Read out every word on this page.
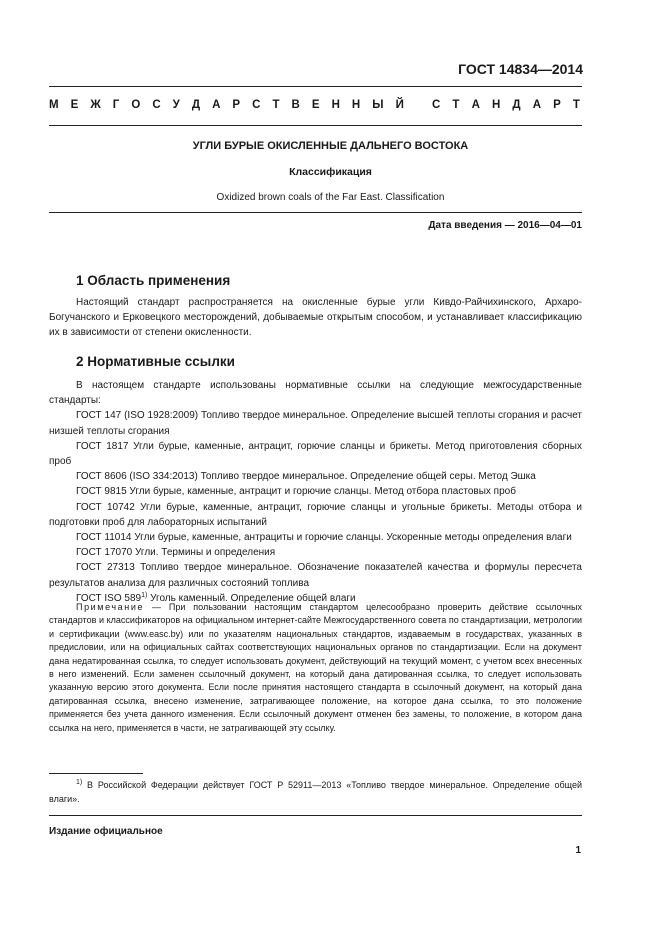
ГОСТ 14834—2014
М Е Ж Г О С У Д А Р С Т В Е Н Н Ы Й С Т А Н Д А Р Т
УГЛИ БУРЫЕ ОКИСЛЕННЫЕ ДАЛЬНЕГО ВОСТОКА
Классификация
Oxidized brown coals of the Far East. Classification
Дата введения — 2016—04—01
1 Область применения

Настоящий стандарт распространяется на окисленные бурые угли Кивдо-Райчихинского, Архаро-Богучанского и Ерковецкого месторождений, добываемые открытым способом, и устанавливает классификацию их в зависимости от степени окисленности.

2 Нормативные ссылки

В настоящем стандарте использованы нормативные ссылки на следующие межгосударственные стандарты:

ГОСТ 147 (ISO 1928:2009) Топливо твердое минеральное. Определение высшей теплоты сгорания и расчет низшей теплоты сгорания

ГОСТ 1817 Угли бурые, каменные, антрацит, горючие сланцы и брикеты. Метод приготовления сборных проб

ГОСТ 8606 (ISO 334:2013) Топливо твердое минеральное. Определение общей серы. Метод Эшка

ГОСТ 9815 Угли бурые, каменные, антрацит и горючие сланцы. Метод отбора пластовых проб

ГОСТ 10742 Угли бурые, каменные, антрацит, горючие сланцы и угольные брикеты. Методы отбора и подготовки проб для лабораторных испытаний

ГОСТ 11014 Угли бурые, каменные, антрациты и горючие сланцы. Ускоренные методы определения влаги

ГОСТ 17070 Угли. Термины и определения

ГОСТ 27313 Топливо твердое минеральное. Обозначение показателей качества и формулы пересчета результатов анализа для различных состояний топлива

ГОСТ ISO 589$^{1)}$ Уголь каменный. Определение общей влаги

Примечание — При пользовании настоящим стандартом целесообразно проверить действие ссылочных стандартов и классификаторов на официальном интернет-сайте Межгосударственного совета по стандартизации, метрологии и сертификации (www.easc.by) или по указателям национальных стандартов, издаваемым в государствах, указанных в предисловии, или на официальных сайтах соответствующих национальных органов по стандартизации. Если на документ дана недатированная ссылка, то следует использовать документ, действующий на текущий момент, с учетом всех внесенных в него изменений. Если заменен ссылочный документ, на который дана датированная ссылка, то следует использовать указанную версию этого документа. Если после принятия настоящего стандарта в ссылочный документ, на который дана датированная ссылка, внесено изменение, затрагивающее положение, на которое дана ссылка, то это положение применяется без учета данного изменения. Если ссылочный документ отменен без замены, то положение, в котором дана ссылка на него, применяется в части, не затрагивающей эту ссылку.

$^{1)}$ В Российской Федерации действует ГОСТ Р 52911—2013 «Топливо твердое минеральное. Определение общей влаги».

Издание официальное
1
